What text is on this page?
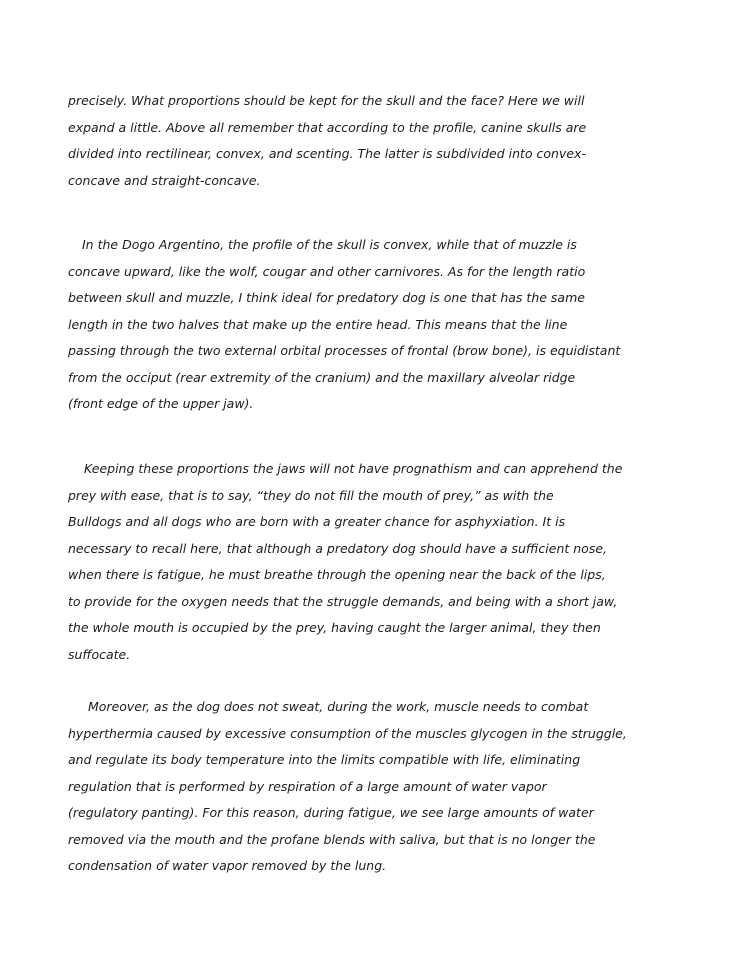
precisely. What proportions should be kept for the skull and the face? Here we will
expand a little. Above all remember that according to the profile, canine skulls are
divided into rectilinear, convex, and scenting. The latter is subdivided into convex-
concave and straight-concave.

In the Dogo Argentino, the profile of the skull is convex, while that of muzzle is
concave upward, like the wolf, cougar and other carnivores. As for the length ratio
between skull and muzzle, I think ideal for predatory dog is one that has the same
length in the two halves that make up the entire head. This means that the line
passing through the two external orbital processes of frontal (brow bone), is equidistant
from the occiput (rear extremity of the cranium) and the maxillary alveolar ridge
(front edge of the upper jaw).

Keeping these proportions the jaws will not have prognathism and can apprehend the
prey with ease, that is to say, “they do not fill the mouth of prey,” as with the
Bulldogs and all dogs who are born with a greater chance for asphyxiation. It is
necessary to recall here, that although a predatory dog should have a sufficient nose,
when there is fatigue, he must breathe through the opening near the back of the lips,
to provide for the oxygen needs that the struggle demands, and being with a short jaw,
the whole mouth is occupied by the prey, having caught the larger animal, they then
suffocate.

Moreover, as the dog does not sweat, during the work, muscle needs to combat
hyperthermia caused by excessive consumption of the muscles glycogen in the struggle,
and regulate its body temperature into the limits compatible with life, eliminating
regulation that is performed by respiration of a large amount of water vapor
(regulatory panting). For this reason, during fatigue, we see large amounts of water
removed via the mouth and the profane blends with saliva, but that is no longer the
condensation of water vapor removed by the lung.
